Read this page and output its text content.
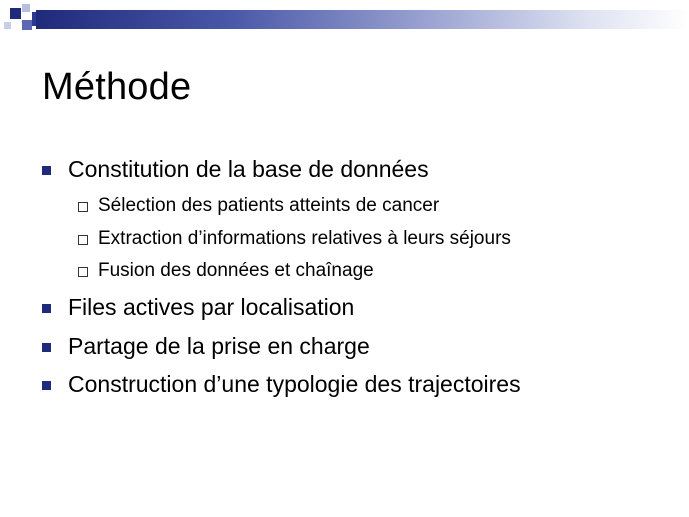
Méthode
Constitution de la base de données
Sélection des patients atteints de cancer
Extraction d’informations relatives à leurs séjours
Fusion des données et chaînage
Files actives par localisation
Partage de la prise en charge
Construction d’une typologie des trajectoires
